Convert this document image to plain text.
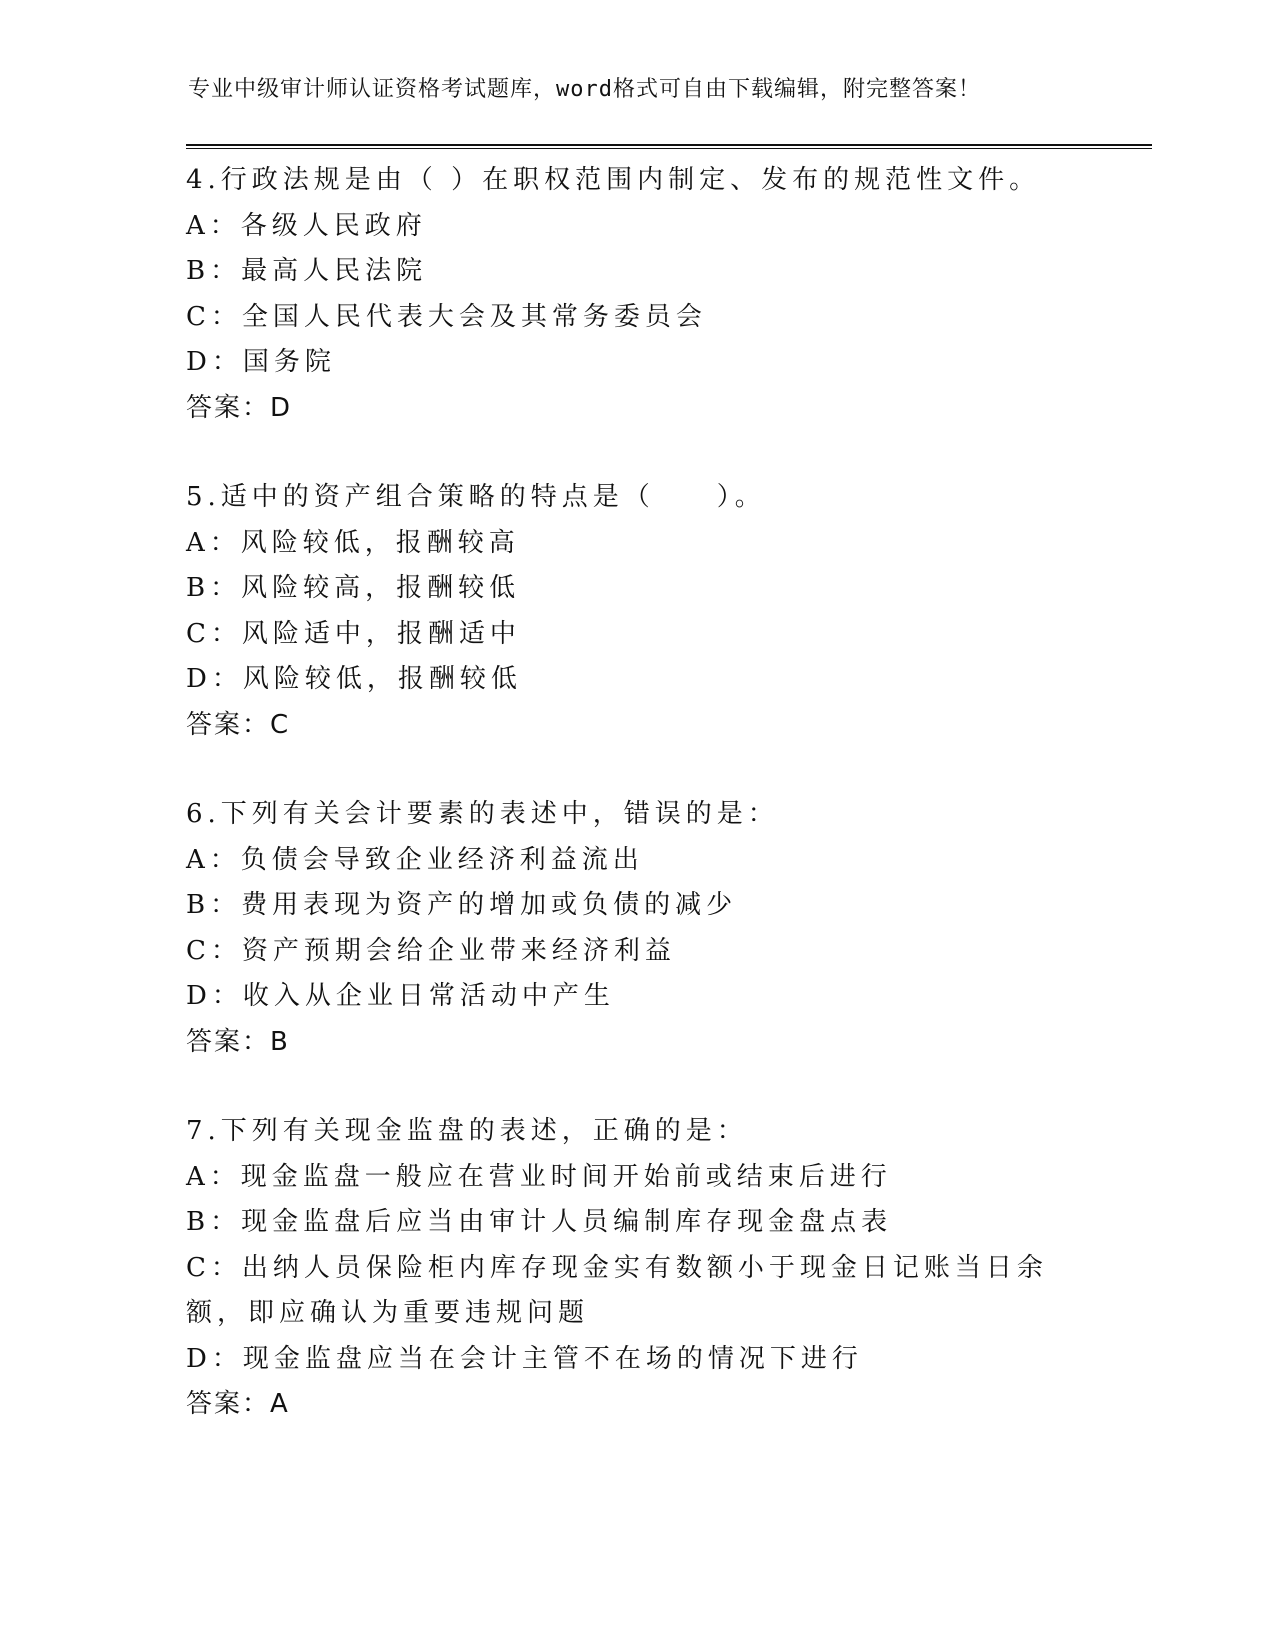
专业中级审计师认证资格考试题库，word格式可自由下载编辑，附完整答案！
4.行政法规是由（ ）在职权范围内制定、发布的规范性文件。
A：各级人民政府
B：最高人民法院
C：全国人民代表大会及其常务委员会
D：国务院
答案：D
5.适中的资产组合策略的特点是（　　）。
A：风险较低，报酬较高
B：风险较高，报酬较低
C：风险适中，报酬适中
D：风险较低，报酬较低
答案：C
6.下列有关会计要素的表述中，错误的是：
A：负债会导致企业经济利益流出
B：费用表现为资产的增加或负债的减少
C：资产预期会给企业带来经济利益
D：收入从企业日常活动中产生
答案：B
7.下列有关现金监盘的表述，正确的是：
A：现金监盘一般应在营业时间开始前或结束后进行
B：现金监盘后应当由审计人员编制库存现金盘点表
C：出纳人员保险柜内库存现金实有数额小于现金日记账当日余额，即应确认为重要违规问题
D：现金监盘应当在会计主管不在场的情况下进行
答案：A
